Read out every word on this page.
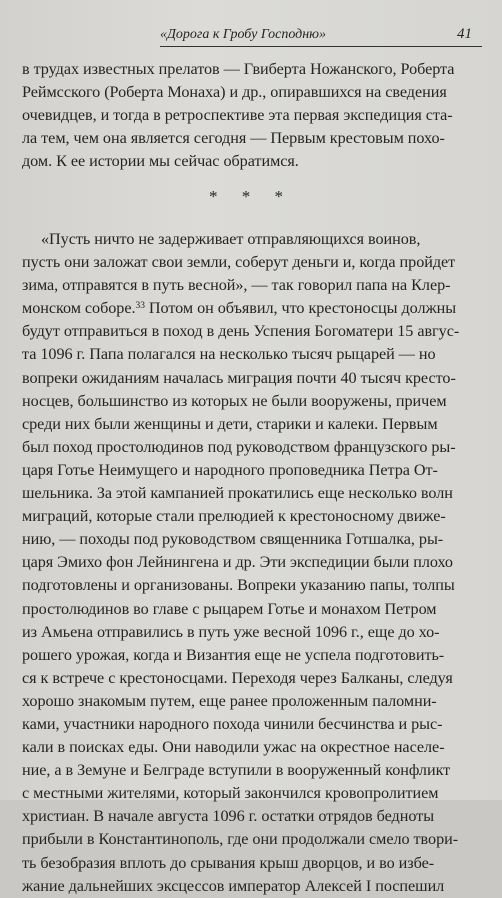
«Дорога к Гробу Господню»	41
в трудах известных прелатов — Гвиберта Ножанского, Роберта
Реймсского (Роберта Монаха) и др., опиравшихся на сведения
очевидцев, и тогда в ретроспективе эта первая экспедиция ста-
ла тем, чем она является сегодня — Первым крестовым похо-
дом. К ее истории мы сейчас обратимся.
* * *
«Пусть ничто не задерживает отправляющихся воинов,
пусть они заложат свои земли, соберут деньги и, когда пройдет
зима, отправятся в путь весной», — так говорил папа на Клер-
монском соборе.$^{33}$ Потом он объявил, что крестоносцы должны
будут отправиться в поход в день Успения Богоматери 15 авгус-
та 1096 г. Папа полагался на несколько тысяч рыцарей — но
вопреки ожиданиям началась миграция почти 40 тысяч кресто-
носцев, большинство из которых не были вооружены, причем
среди них были женщины и дети, старики и калеки. Первым
был поход простолюдинов под руководством французского ры-
царя Готье Неимущего и народного проповедника Петра От-
шельника. За этой кампанией прокатились еще несколько волн
миграций, которые стали прелюдией к крестоносному движе-
нию, — походы под руководством священника Готшалка, ры-
царя Эмихо фон Лейнингена и др. Эти экспедиции были плохо
подготовлены и организованы. Вопреки указанию папы, толпы
простолюдинов во главе с рыцарем Готье и монахом Петром
из Амьена отправились в путь уже весной 1096 г., еще до хо-
рошего урожая, когда и Византия еще не успела подготовить-
ся к встрече с крестоносцами. Переходя через Балканы, следуя
хорошо знакомым путем, еще ранее проложенным паломни-
ками, участники народного похода чинили бесчинства и рыс-
кали в поисках еды. Они наводили ужас на окрестное населе-
ние, а в Земуне и Белграде вступили в вооруженный конфликт
с местными жителями, который закончился кровопролитием
христиан. В начале августа 1096 г. остатки отрядов бедноты
прибыли в Константинополь, где они продолжали смело твори-
ть безобразия вплоть до срывания крыш дворцов, и во избе-
жание дальнейших эксцессов император Алексей I поспешил
